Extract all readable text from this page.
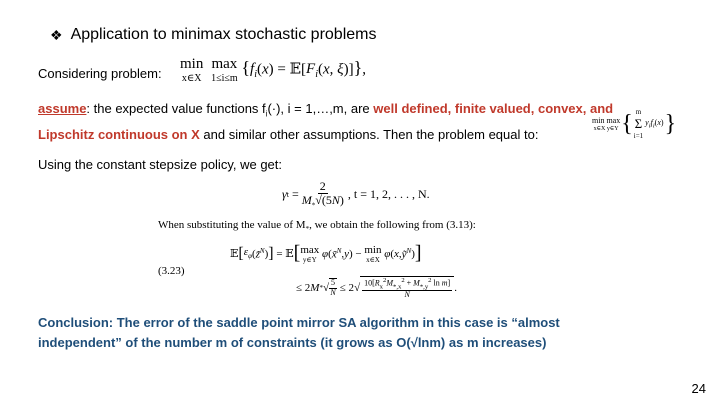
❖ Application to minimax stochastic problems
Considering problem:
min
x∈X

max
1≤i≤m
{$f_i(x)$ = $𝔼[F_i(x$, ξ)]},
assume: the expected value functions $f_i(\cdot)$, i = 1,…,m, are well defined, finite valued, convex, and
Lipschitz continuous on X and similar other assumptions. Then the problem equal to:
min max
x∈X y∈Y { m
Σ
i=1
$y_if_i(x)$ }
Using the constant stepsize policy, we get:
γ $t = \frac{2}{M_*√(5N)}$ , t = 1, 2, . . . , N.
When substituting the value of $M_*$, we obtain the following from (3.13):
𝔼 [ $\varepsilon_\varphi$ ( z̃$^N$ ) ] = 𝔼 [ max
y∈Y
φ ( x̃$^N$ , y ) − min
x∈X
φ ( x , ỹ$^N$ ) ]
(3.23)
≤ 2 M * √ $\frac{5}{N} \le 2$ √ $\frac{10[R_x^2M_{*,x}^2 + M_{*,y}^2 \ln m]}{N}$ .
Conclusion: The error of the saddle point mirror SA algorithm in this case is “almost
independent” of the number m of constraints (it grows as O(√lnm) as m increases)
24
